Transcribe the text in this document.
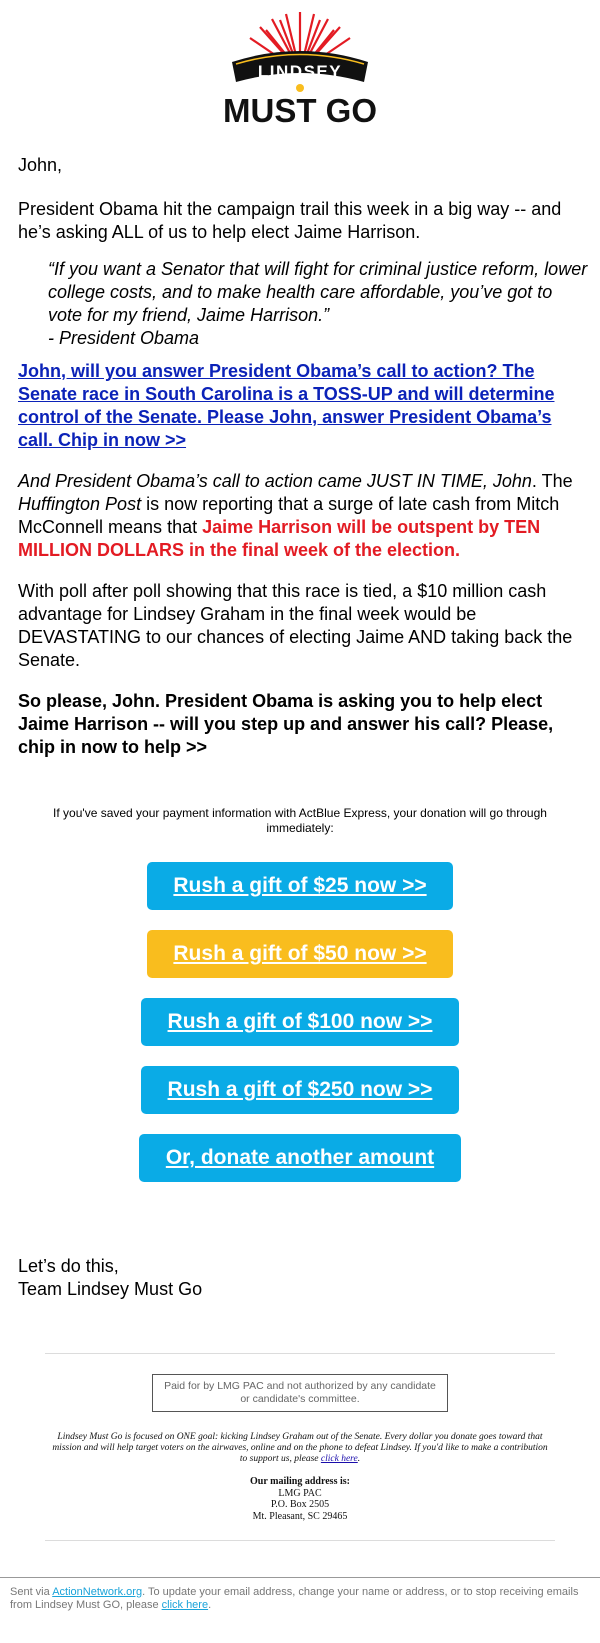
LINDSEY
MUST GO

John,

President Obama hit the campaign trail this week in a big way -- and he’s asking ALL of us to help elect Jaime Harrison.

“If you want a Senator that will fight for criminal justice reform, lower college costs, and to make health care affordable, you’ve got to vote for my friend, Jaime Harrison.”
- President Obama

John, will you answer President Obama’s call to action? The Senate race in South Carolina is a TOSS-UP and will determine control of the Senate. Please John, answer President Obama’s call. Chip in now >>

And President Obama’s call to action came JUST IN TIME, John. The Huffington Post is now reporting that a surge of late cash from Mitch McConnell means that Jaime Harrison will be outspent by TEN MILLION DOLLARS in the final week of the election.

With poll after poll showing that this race is tied, a $10 million cash advantage for Lindsey Graham in the final week would be DEVASTATING to our chances of electing Jaime AND taking back the Senate.

So please, John. President Obama is asking you to help elect Jaime Harrison -- will you step up and answer his call? Please, chip in now to help >>

If you've saved your payment information with ActBlue Express, your donation will go through immediately:
Rush a gift of $25 now >>
Rush a gift of $50 now >>
Rush a gift of $100 now >>
Rush a gift of $250 now >>
Or, donate another amount

Let’s do this,
Team Lindsey Must Go

Paid for by LMG PAC and not authorized by any candidate or candidate's committee.
Lindsey Must Go is focused on ONE goal: kicking Lindsey Graham out of the Senate. Every dollar you donate goes toward that mission and will help target voters on the airwaves, online and on the phone to defeat Lindsey. If you'd like to make a contribution to support us, please click here.
Our mailing address is:
LMG PAC
P.O. Box 2505
Mt. Pleasant, SC 29465
Sent via ActionNetwork.org. To update your email address, change your name or address, or to stop receiving emails from Lindsey Must GO, please click here.
